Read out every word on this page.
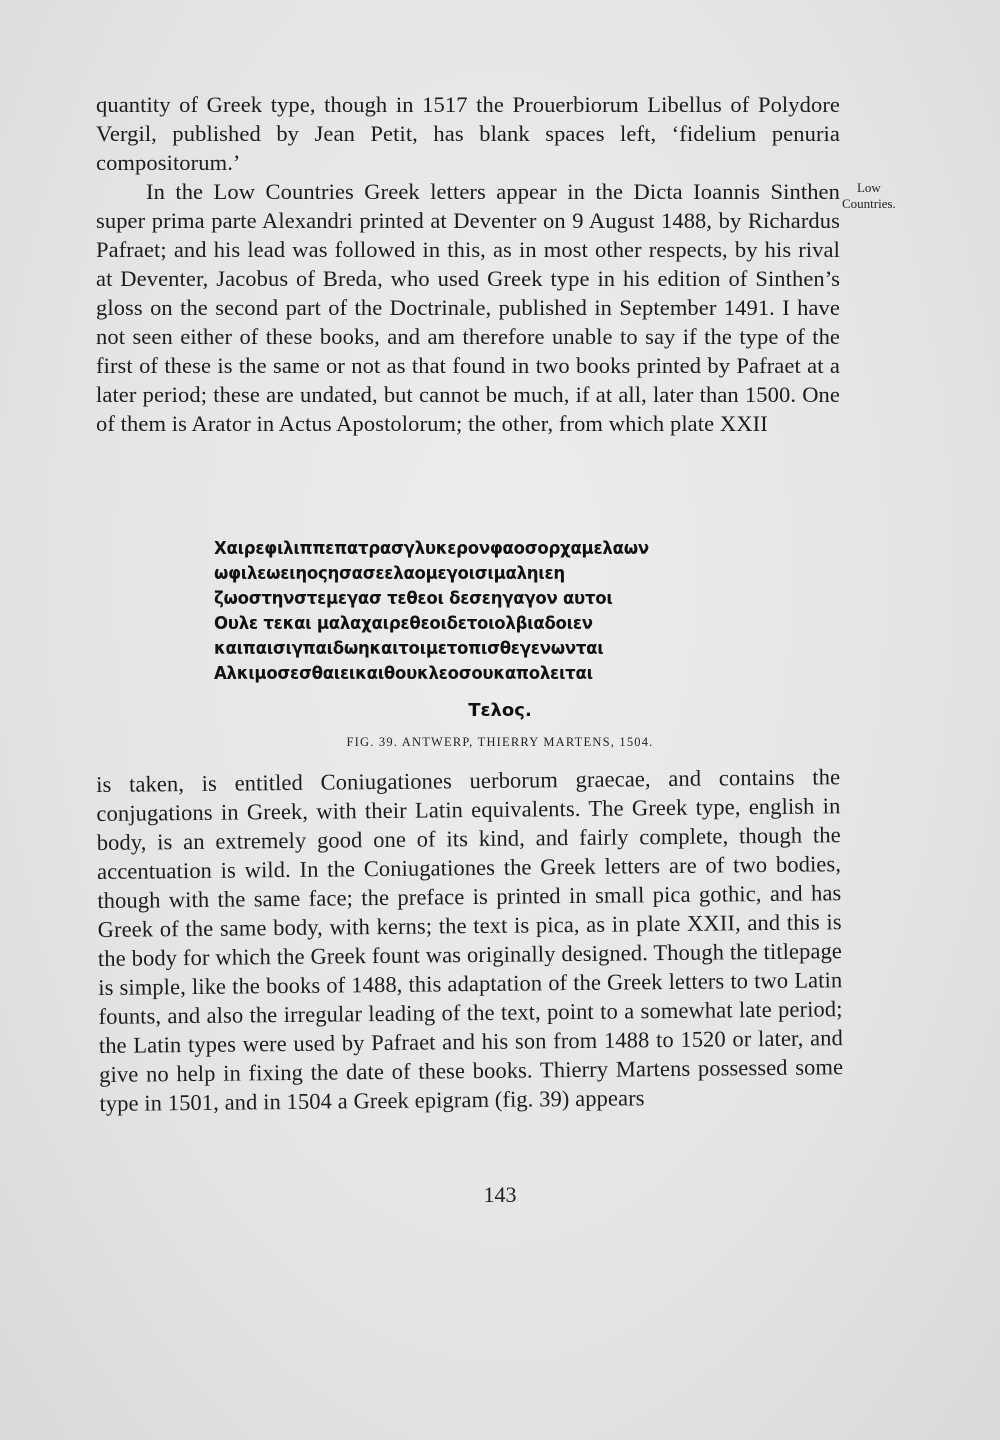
quantity of Greek type, though in 1517 the Prouerbiorum Libellus of Polydore Vergil, published by Jean Petit, has blank spaces left, ‘fidelium penuria compositorum.’

In the Low Countries Greek letters appear in the Dicta Ioannis Sinthen super prima parte Alexandri printed at Deventer on 9 August 1488, by Richardus Pafraet; and his lead was followed in this, as in most other respects, by his rival at Deventer, Jacobus of Breda, who used Greek type in his edition of Sinthen’s gloss on the second part of the Doctrinale, published in September 1491. I have not seen either of these books, and am therefore unable to say if the type of the first of these is the same or not as that found in two books printed by Pafraet at a later period; these are undated, but cannot be much, if at all, later than 1500. One of them is Arator in Actus Apostolorum; the other, from which plate XXII

Low
Countries.
Χαιρεφιλιππεπατρασγλυκερονφαοσορχαμελαων
ωφιλεωειηοςησασεελαομεγοισιμαληιεη
ζωοστηνστεμεγασ τεθεοι δεσεηγαγον αυτοι
Ουλε τεκαι μαλαχαιρεθεοιδετοιολβιαδοιεν
καιπαισιγπαιδωηκαιτοιμετοπισθεγενωνται
Αλκιμοσεσθαιεικαιθουκλεοσουκαπολειται
Τελος.
FIG. 39. ANTWERP, THIERRY MARTENS, 1504.

is taken, is entitled Coniugationes uerborum graecae, and contains the conjugations in Greek, with their Latin equivalents. The Greek type, english in body, is an extremely good one of its kind, and fairly complete, though the accentuation is wild. In the Coniugationes the Greek letters are of two bodies, though with the same face; the preface is printed in small pica gothic, and has Greek of the same body, with kerns; the text is pica, as in plate XXII, and this is the body for which the Greek fount was originally designed. Though the titlepage is simple, like the books of 1488, this adaptation of the Greek letters to two Latin founts, and also the irregular leading of the text, point to a somewhat late period; the Latin types were used by Pafraet and his son from 1488 to 1520 or later, and give no help in fixing the date of these books. Thierry Martens possessed some type in 1501, and in 1504 a Greek epigram (fig. 39) appears

143
